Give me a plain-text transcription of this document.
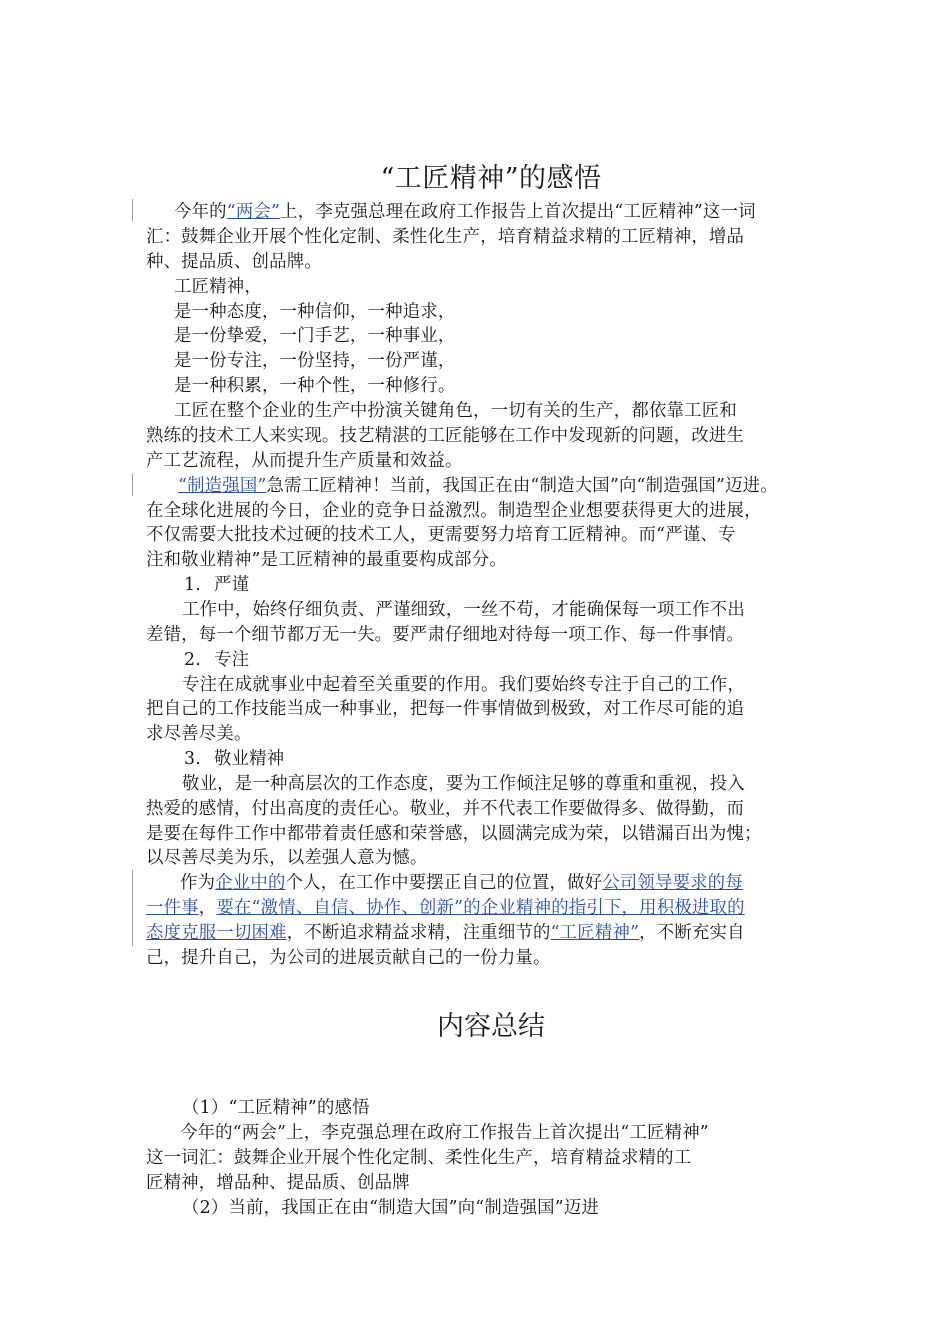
“工匠精神”的感悟
今年的“两会”上，李克强总理在政府工作报告上首次提出“工匠精神”这一词
汇：鼓舞企业开展个性化定制、柔性化生产，培育精益求精的工匠精神，增品
种、提品质、创品牌。
工匠精神，
是一种态度，一种信仰，一种追求，
是一份挚爱，一门手艺，一种事业，
是一份专注，一份坚持，一份严谨，
是一种积累，一种个性，一种修行。
工匠在整个企业的生产中扮演关键角色，一切有关的生产，都依靠工匠和
熟练的技术工人来实现。技艺精湛的工匠能够在工作中发现新的问题，改进生
产工艺流程，从而提升生产质量和效益。
“制造强国”急需工匠精神！当前，我国正在由“制造大国”向“制造强国”迈进。
在全球化进展的今日，企业的竞争日益激烈。制造型企业想要获得更大的进展，
不仅需要大批技术过硬的技术工人，更需要努力培育工匠精神。而“严谨、专
注和敬业精神”是工匠精神的最重要构成部分。
1. 严谨
工作中，始终仔细负责、严谨细致，一丝不苟，才能确保每一项工作不出
差错，每一个细节都万无一失。要严肃仔细地对待每一项工作、每一件事情。
2. 专注
专注在成就事业中起着至关重要的作用。我们要始终专注于自己的工作，
把自己的工作技能当成一种事业，把每一件事情做到极致，对工作尽可能的追
求尽善尽美。
3. 敬业精神
敬业，是一种高层次的工作态度，要为工作倾注足够的尊重和重视，投入
热爱的感情，付出高度的责任心。敬业，并不代表工作要做得多、做得勤，而
是要在每件工作中都带着责任感和荣誉感，以圆满完成为荣，以错漏百出为愧；
以尽善尽美为乐，以差强人意为憾。
作为企业中的个人，在工作中要摆正自己的位置，做好公司领导要求的每
一件事，要在“激情、自信、协作、创新”的企业精神的指引下，用积极进取的
态度克服一切困难，不断追求精益求精，注重细节的“工匠精神”，不断充实自
己，提升自己，为公司的进展贡献自己的一份力量。
内容总结
（1）“工匠精神”的感悟
今年的“两会”上，李克强总理在政府工作报告上首次提出“工匠精神”
这一词汇：鼓舞企业开展个性化定制、柔性化生产，培育精益求精的工
匠精神，增品种、提品质、创品牌
（2）当前，我国正在由“制造大国”向“制造强国”迈进
